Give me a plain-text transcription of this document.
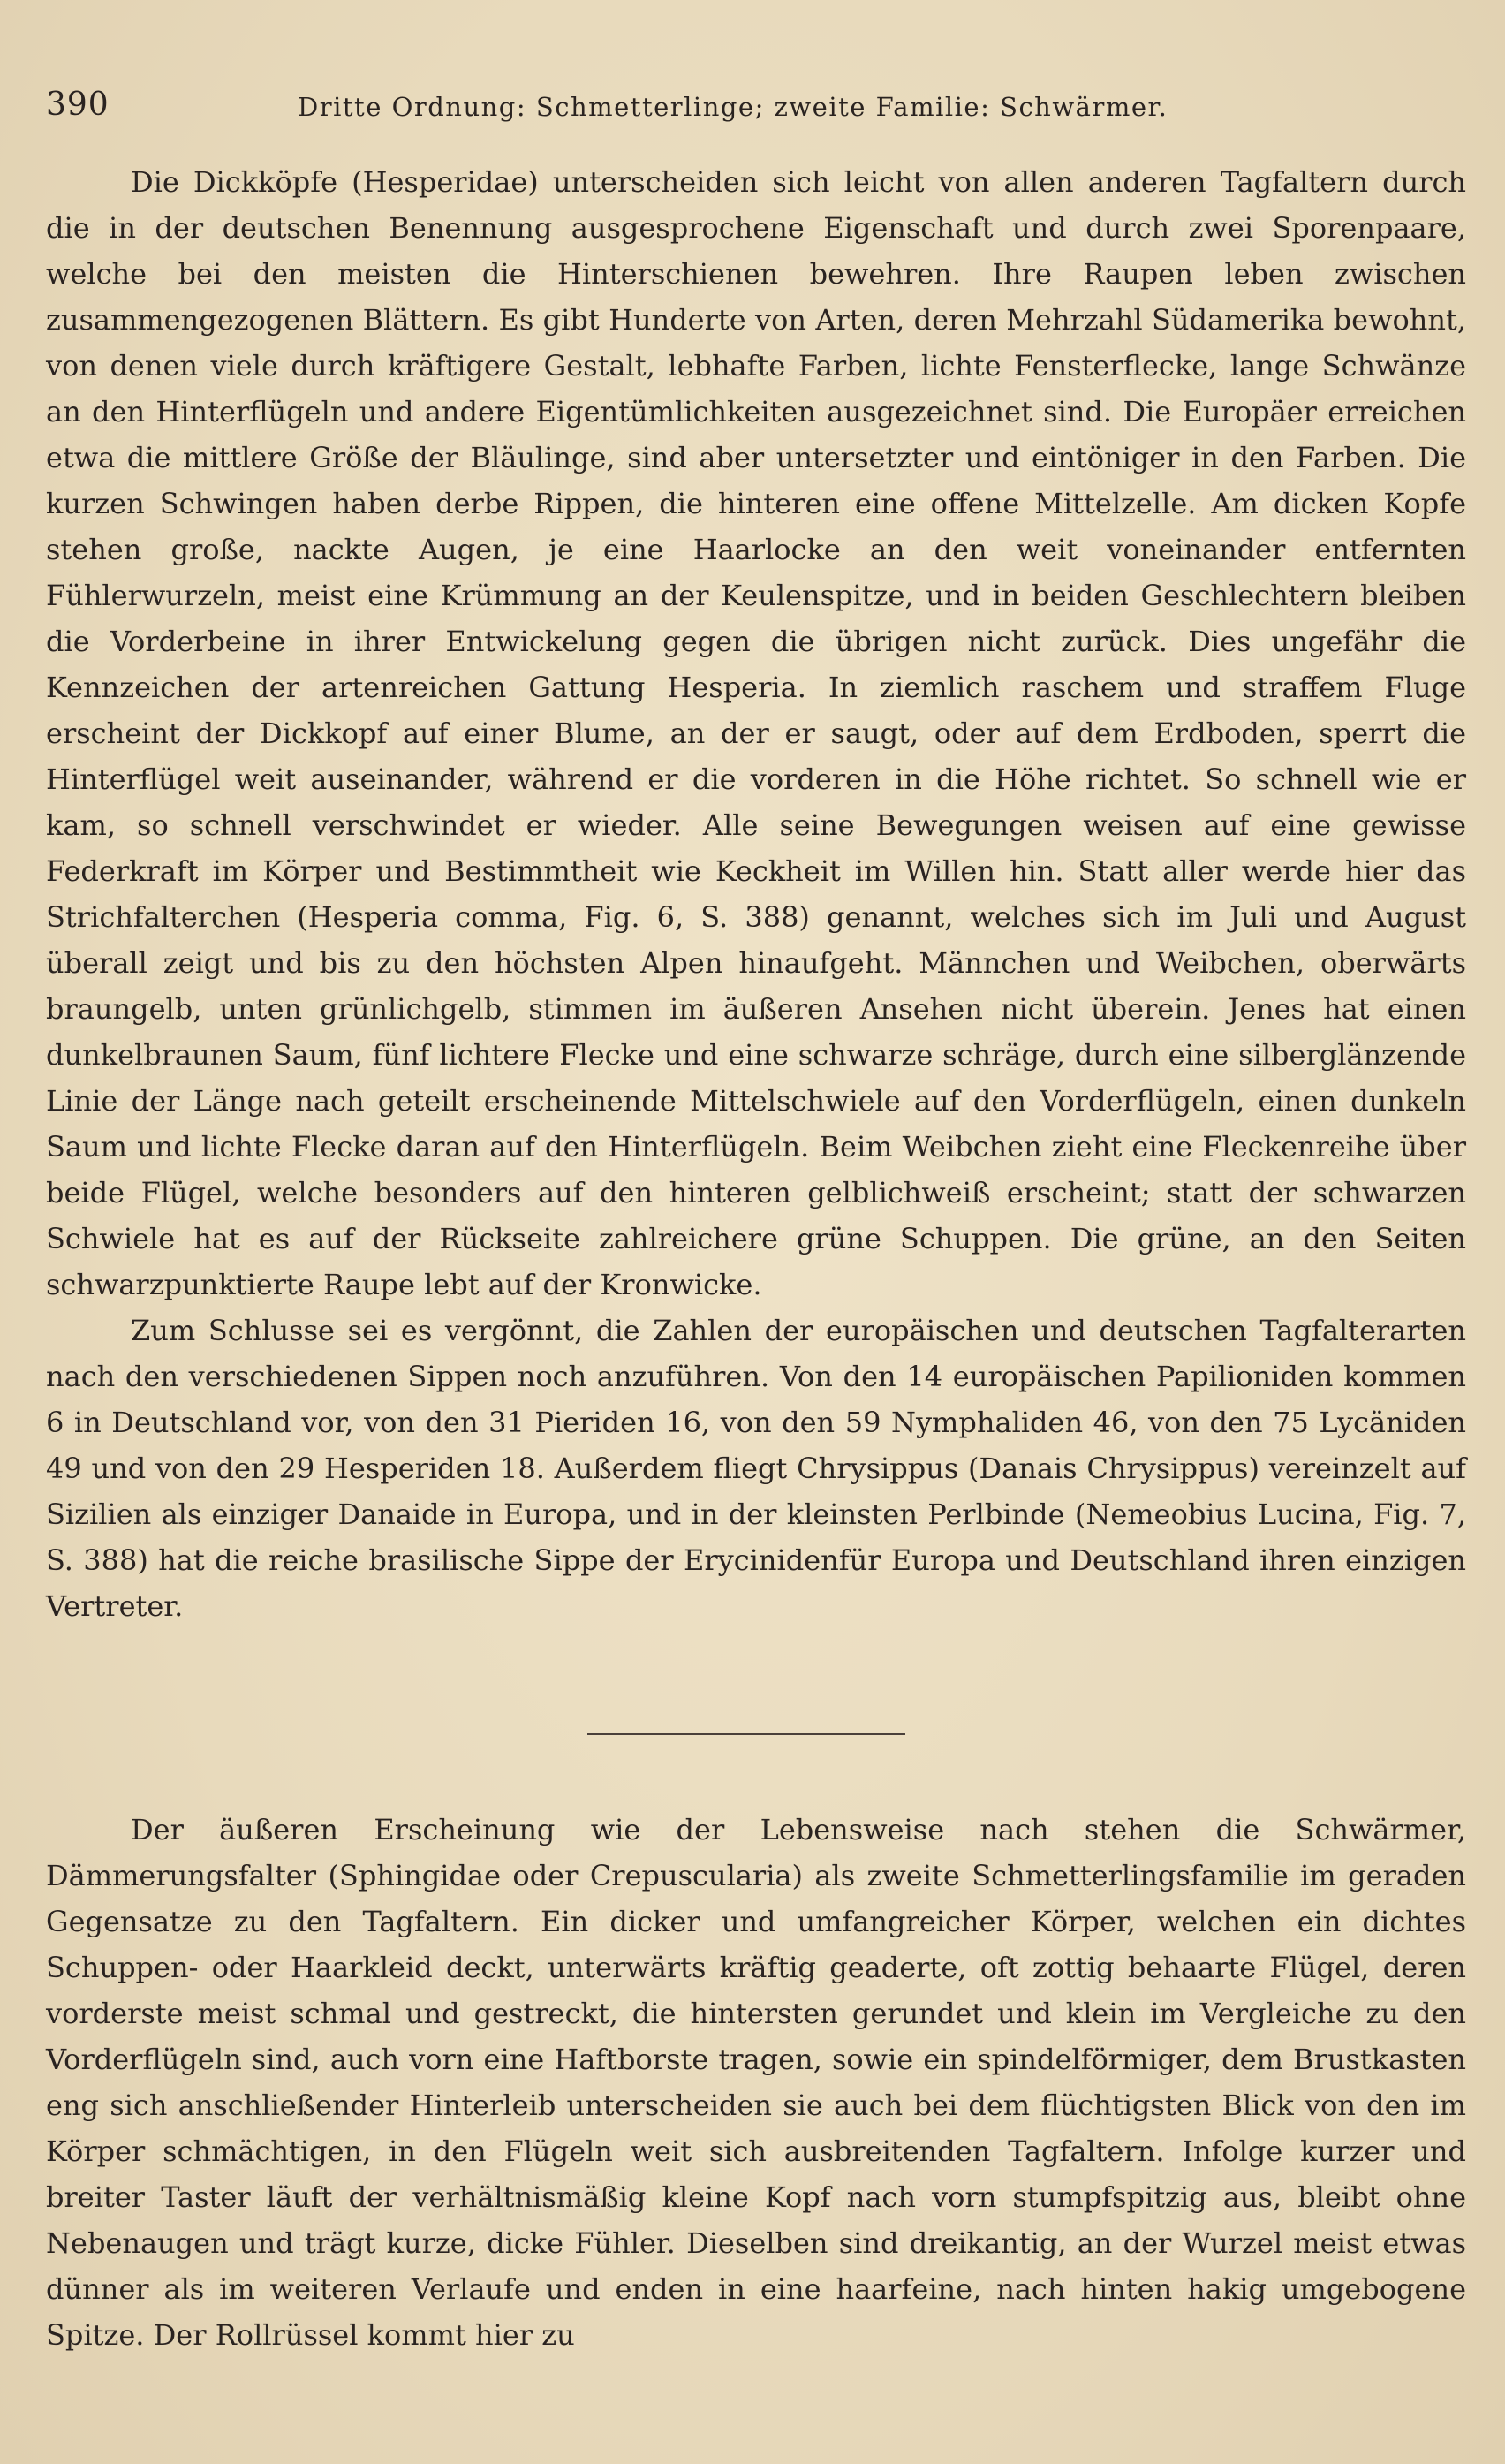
390	Dritte Ordnung: Schmetterlinge; zweite Familie: Schwärmer.

Die Dickköpfe (Hesperidae) unterscheiden sich leicht von allen anderen Tagfaltern durch die in der deutschen Benennung ausgesprochene Eigenschaft und durch zwei Sporenpaare, welche bei den meisten die Hinterschienen bewehren. Ihre Raupen leben zwischen zusammengezogenen Blättern. Es gibt Hunderte von Arten, deren Mehrzahl Südamerika bewohnt, von denen viele durch kräftigere Gestalt, lebhafte Farben, lichte Fensterflecke, lange Schwänze an den Hinterflügeln und andere Eigentümlichkeiten ausgezeichnet sind. Die Europäer erreichen etwa die mittlere Größe der Bläulinge, sind aber untersetzter und eintöniger in den Farben. Die kurzen Schwingen haben derbe Rippen, die hinteren eine offene Mittelzelle. Am dicken Kopfe stehen große, nackte Augen, je eine Haarlocke an den weit voneinander entfernten Fühlerwurzeln, meist eine Krümmung an der Keulenspitze, und in beiden Geschlechtern bleiben die Vorderbeine in ihrer Entwickelung gegen die übrigen nicht zurück. Dies ungefähr die Kennzeichen der artenreichen Gattung Hesperia. In ziemlich raschem und straffem Fluge erscheint der Dickkopf auf einer Blume, an der er saugt, oder auf dem Erdboden, sperrt die Hinterflügel weit auseinander, während er die vorderen in die Höhe richtet. So schnell wie er kam, so schnell verschwindet er wieder. Alle seine Bewegungen weisen auf eine gewisse Federkraft im Körper und Bestimmtheit wie Keckheit im Willen hin. Statt aller werde hier das Strichfalterchen (Hesperia comma, Fig. 6, S. 388) genannt, welches sich im Juli und August überall zeigt und bis zu den höchsten Alpen hinaufgeht. Männchen und Weibchen, oberwärts braungelb, unten grünlichgelb, stimmen im äußeren Ansehen nicht überein. Jenes hat einen dunkelbraunen Saum, fünf lichtere Flecke und eine schwarze schräge, durch eine silberglänzende Linie der Länge nach geteilt erscheinende Mittelschwiele auf den Vorderflügeln, einen dunkeln Saum und lichte Flecke daran auf den Hinterflügeln. Beim Weibchen zieht eine Fleckenreihe über beide Flügel, welche besonders auf den hinteren gelblichweiß erscheint; statt der schwarzen Schwiele hat es auf der Rückseite zahlreichere grüne Schuppen. Die grüne, an den Seiten schwarzpunktierte Raupe lebt auf der Kronwicke.

Zum Schlusse sei es vergönnt, die Zahlen der europäischen und deutschen Tagfalterarten nach den verschiedenen Sippen noch anzuführen. Von den 14 europäischen Papilioniden kommen 6 in Deutschland vor, von den 31 Pieriden 16, von den 59 Nymphaliden 46, von den 75 Lycäniden 49 und von den 29 Hesperiden 18. Außerdem fliegt Chrysippus (Danais Chrysippus) vereinzelt auf Sizilien als einziger Danaide in Europa, und in der kleinsten Perlbinde (Nemeobius Lucina, Fig. 7, S. 388) hat die reiche brasilische Sippe der Erycinidenfür Europa und Deutschland ihren einzigen Vertreter.

Der äußeren Erscheinung wie der Lebensweise nach stehen die Schwärmer, Dämmerungsfalter (Sphingidae oder Crepuscularia) als zweite Schmetterlingsfamilie im geraden Gegensatze zu den Tagfaltern. Ein dicker und umfangreicher Körper, welchen ein dichtes Schuppen- oder Haarkleid deckt, unterwärts kräftig geaderte, oft zottig behaarte Flügel, deren vorderste meist schmal und gestreckt, die hintersten gerundet und klein im Vergleiche zu den Vorderflügeln sind, auch vorn eine Haftborste tragen, sowie ein spindelförmiger, dem Brustkasten eng sich anschließender Hinterleib unterscheiden sie auch bei dem flüchtigsten Blick von den im Körper schmächtigen, in den Flügeln weit sich ausbreitenden Tagfaltern. Infolge kurzer und breiter Taster läuft der verhältnismäßig kleine Kopf nach vorn stumpfspitzig aus, bleibt ohne Nebenaugen und trägt kurze, dicke Fühler. Dieselben sind dreikantig, an der Wurzel meist etwas dünner als im weiteren Verlaufe und enden in eine haarfeine, nach hinten hakig umgebogene Spitze. Der Rollrüssel kommt hier zu
